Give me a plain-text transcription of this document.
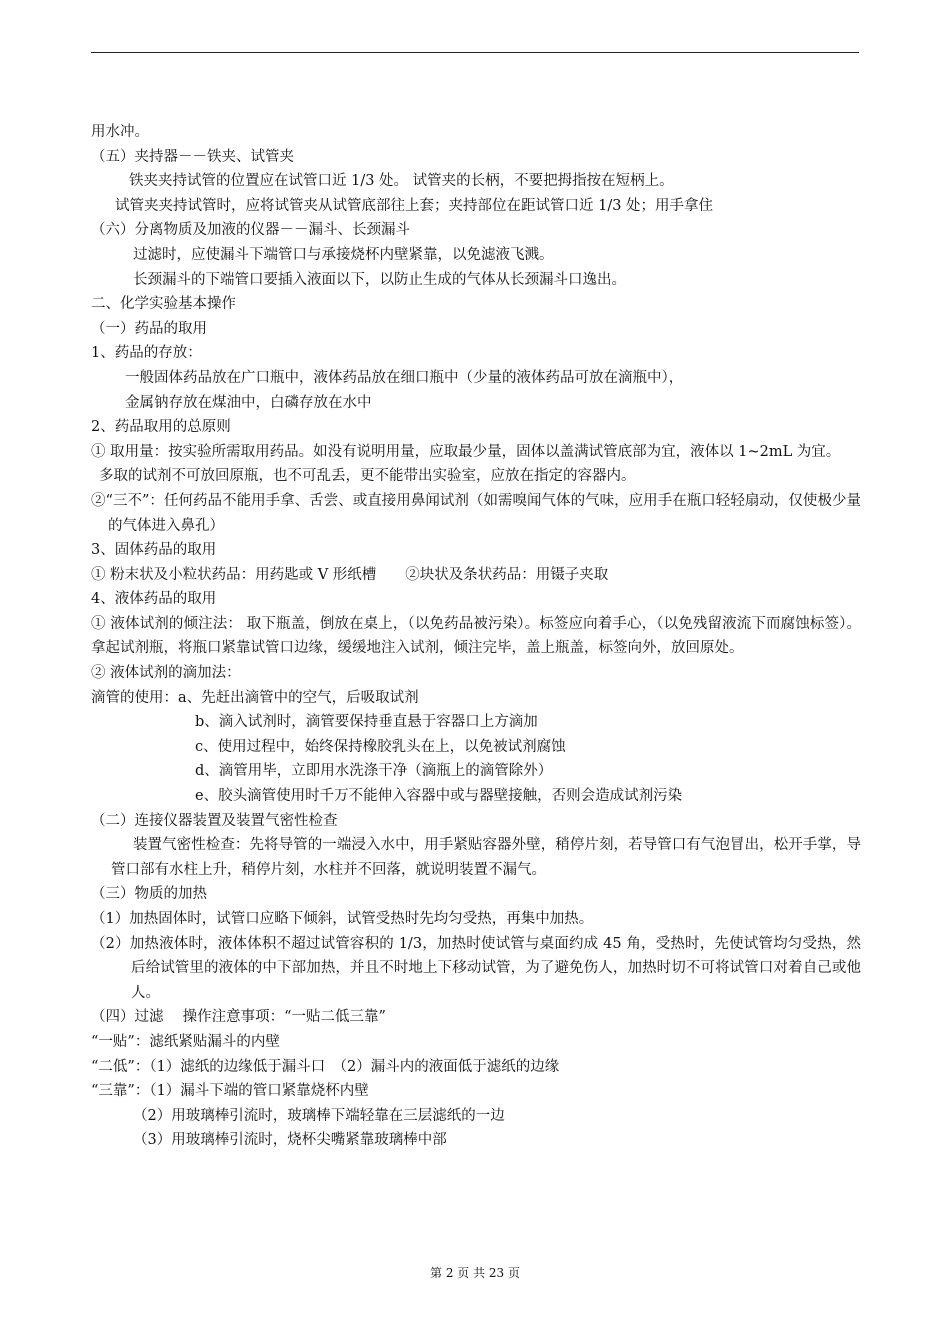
用水冲。

（五）夹持器－－铁夹、试管夹

铁夹夹持试管的位置应在试管口近 1/3 处。 试管夹的长柄，不要把拇指按在短柄上。

试管夹夹持试管时，应将试管夹从试管底部往上套；夹持部位在距试管口近 1/3 处；用手拿住

（六）分离物质及加液的仪器－－漏斗、长颈漏斗

过滤时，应使漏斗下端管口与承接烧杯内壁紧靠，以免滤液飞溅。

长颈漏斗的下端管口要插入液面以下，以防止生成的气体从长颈漏斗口逸出。

二、化学实验基本操作

（一）药品的取用

1、药品的存放：

一般固体药品放在广口瓶中，液体药品放在细口瓶中（少量的液体药品可放在滴瓶中），

金属钠存放在煤油中，白磷存放在水中

2、药品取用的总原则

① 取用量：按实验所需取用药品。如没有说明用量，应取最少量，固体以盖满试管底部为宜，液体以 1~2mL 为宜。

多取的试剂不可放回原瓶，也不可乱丢，更不能带出实验室，应放在指定的容器内。

②“三不”：任何药品不能用手拿、舌尝、或直接用鼻闻试剂（如需嗅闻气体的气味，应用手在瓶口轻轻扇动，仅使极少量的气体进入鼻孔）

3、固体药品的取用

① 粉末状及小粒状药品：用药匙或 V 形纸槽　　②块状及条状药品：用镊子夹取

4、液体药品的取用

① 液体试剂的倾注法： 取下瓶盖，倒放在桌上，（以免药品被污染）。标签应向着手心，（以免残留液流下而腐蚀标签）。拿起试剂瓶，将瓶口紧靠试管口边缘，缓缓地注入试剂，倾注完毕，盖上瓶盖，标签向外，放回原处。

② 液体试剂的滴加法：

滴管的使用：a、先赶出滴管中的空气，后吸取试剂

b、滴入试剂时，滴管要保持垂直悬于容器口上方滴加

c、使用过程中，始终保持橡胶乳头在上，以免被试剂腐蚀

d、滴管用毕，立即用水洗涤干净（滴瓶上的滴管除外）

e、胶头滴管使用时千万不能伸入容器中或与器壁接触，否则会造成试剂污染

（二）连接仪器装置及装置气密性检查

装置气密性检查：先将导管的一端浸入水中，用手紧贴容器外壁，稍停片刻，若导管口有气泡冒出，松开手掌，导管口部有水柱上升，稍停片刻，水柱并不回落，就说明装置不漏气。

（三）物质的加热

（1）加热固体时，试管口应略下倾斜，试管受热时先均匀受热，再集中加热。

（2）加热液体时，液体体积不超过试管容积的 1/3，加热时使试管与桌面约成 45 角，受热时，先使试管均匀受热，然后给试管里的液体的中下部加热，并且不时地上下移动试管，为了避免伤人，加热时切不可将试管口对着自己或他人。

（四）过滤　 操作注意事项：“一贴二低三靠”

“一贴”：滤纸紧贴漏斗的内壁

“二低”：（1）滤纸的边缘低于漏斗口　（2）漏斗内的液面低于滤纸的边缘

“三靠”：（1）漏斗下端的管口紧靠烧杯内壁

（2）用玻璃棒引流时，玻璃棒下端轻靠在三层滤纸的一边

（3）用玻璃棒引流时，烧杯尖嘴紧靠玻璃棒中部

第 2 页 共 23 页
